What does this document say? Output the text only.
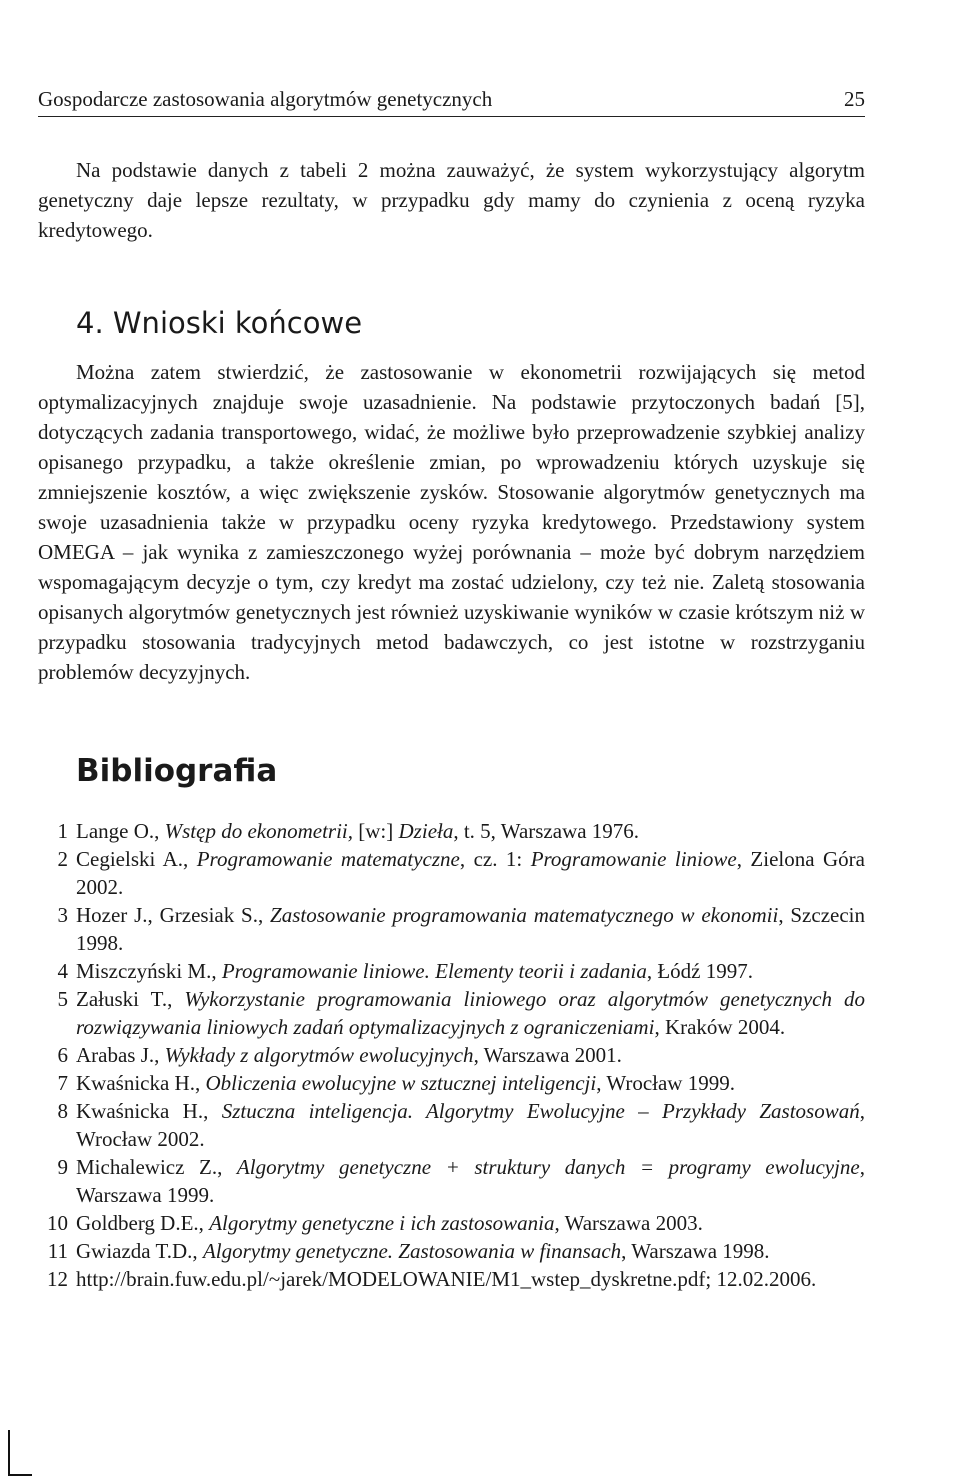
Gospodarcze zastosowania algorytmów genetycznych	25

Na podstawie danych z tabeli 2 można zauważyć, że system wykorzystujący algorytm genetyczny daje lepsze rezultaty, w przypadku gdy mamy do czynienia z oceną ryzyka kredytowego.

4. Wnioski końcowe

Można zatem stwierdzić, że zastosowanie w ekonometrii rozwijających się metod optymalizacyjnych znajduje swoje uzasadnienie. Na podstawie przytoczonych badań [5], dotyczących zadania transportowego, widać, że możliwe było przeprowadzenie szybkiej analizy opisanego przypadku, a także określenie zmian, po wprowadzeniu których uzyskuje się zmniejszenie kosztów, a więc zwiększenie zysków. Stosowanie algorytmów genetycznych ma swoje uzasadnienia także w przypadku oceny ryzyka kredytowego. Przedstawiony system OMEGA – jak wynika z zamieszczonego wyżej porównania – może być dobrym narzędziem wspomagającym decyzje o tym, czy kredyt ma zostać udzielony, czy też nie. Zaletą stosowania opisanych algorytmów genetycznych jest również uzyskiwanie wyników w czasie krótszym niż w przypadku stosowania tradycyjnych metod badawczych, co jest istotne w rozstrzyganiu problemów decyzyjnych.

Bibliografia
1 Lange O., Wstęp do ekonometrii, [w:] Dzieła, t. 5, Warszawa 1976.
2 Cegielski A., Programowanie matematyczne, cz. 1: Programowanie liniowe, Zielona Góra 2002.
3 Hozer J., Grzesiak S., Zastosowanie programowania matematycznego w ekonomii, Szczecin 1998.
4 Miszczyński M., Programowanie liniowe. Elementy teorii i zadania, Łódź 1997.
5 Załuski T., Wykorzystanie programowania liniowego oraz algorytmów genetycznych do rozwiązywania liniowych zadań optymalizacyjnych z ograniczeniami, Kraków 2004.
6 Arabas J., Wykłady z algorytmów ewolucyjnych, Warszawa 2001.
7 Kwaśnicka H., Obliczenia ewolucyjne w sztucznej inteligencji, Wrocław 1999.
8 Kwaśnicka H., Sztuczna inteligencja. Algorytmy Ewolucyjne – Przykłady Zastosowań, Wrocław 2002.
9 Michalewicz Z., Algorytmy genetyczne + struktury danych = programy ewolucyjne, Warszawa 1999.
10 Goldberg D.E., Algorytmy genetyczne i ich zastosowania, Warszawa 2003.
11 Gwiazda T.D., Algorytmy genetyczne. Zastosowania w finansach, Warszawa 1998.
12 http://brain.fuw.edu.pl/~jarek/MODELOWANIE/M1_wstep_dyskretne.pdf; 12.02.2006.
